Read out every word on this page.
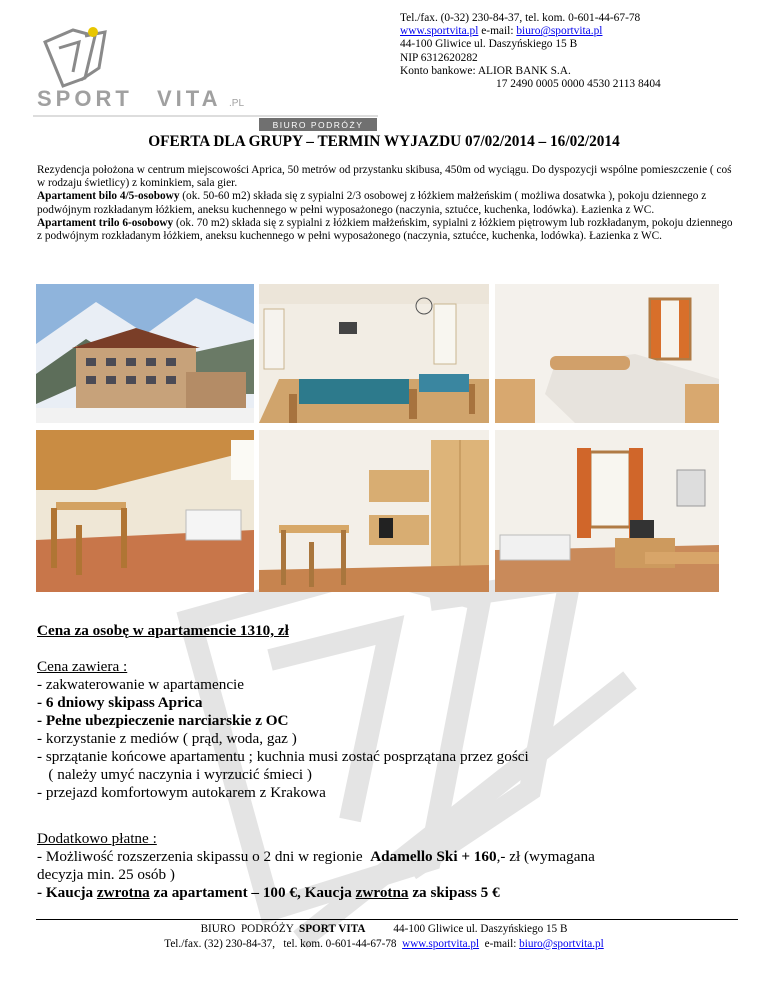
SPORT VITA .PL
BIURO PODRÓŻY
Tel./fax. (0-32) 230-84-37, tel. kom. 0-601-44-67-78
www.sportvita.pl e-mail: biuro@sportvita.pl
44-100 Gliwice ul. Daszyńskiego 15 B
NIP 6312620282
Konto bankowe: ALIOR BANK S.A.
17 2490 0005 0000 4530 2113 8404
OFERTA DLA GRUPY – TERMIN WYJAZDU 07/02/2014 – 16/02/2014

Rezydencja położona w centrum miejscowości Aprica, 50 metrów od przystanku skibusa, 450m od wyciągu. Do dyspozycji wspólne pomieszczenie ( coś w rodzaju świetlicy) z kominkiem, sala gier.

Apartament bilo 4/5-osobowy (ok. 50-60 m2) składa się z sypialni 2/3 osobowej z łóżkiem małżeńskim ( możliwa dosatwka ), pokoju dziennego z podwójnym rozkładanym łóżkiem, aneksu kuchennego w pełni wyposażonego (naczynia, sztućce, kuchenka, lodówka). Łazienka z WC.

Apartament trilo 6-osobowy (ok. 70 m2) składa się z sypialni z łóżkiem małżeńskim, sypialni z łóżkiem piętrowym lub rozkładanym, pokoju dziennego z podwójnym rozkładanym łóżkiem, aneksu kuchennego w pełni wyposażonego (naczynia, sztućce, kuchenka, lodówka). Łazienka z WC.

Cena za osobę w apartamencie 1310, zł

Cena zawiera :

- zakwaterowanie w apartamencie

- 6 dniowy skipass Aprica

- Pełne ubezpieczenie narciarskie z OC

- korzystanie z mediów ( prąd, woda, gaz )

- sprzątanie końcowe apartamentu ; kuchnia musi zostać posprzątana przez gości

( należy umyć naczynia i wyrzucić śmieci )

- przejazd komfortowym autokarem z Krakowa

Dodatkowo płatne :

- Możliwość rozszerzenia skipassu o 2 dni w regionie  Adamello Ski + 160,- zł (wymagana

decyzja min. 25 osób )

- Kaucja zwrotna za apartament – 100 €, Kaucja zwrotna za skipass 5 €

BIURO  PODRÓŻY  SPORT VITA          44-100 Gliwice ul. Daszyńskiego 15 B
Tel./fax. (32) 230-84-37,   tel. kom. 0-601-44-67-78  www.sportvita.pl  e-mail: biuro@sportvita.pl
